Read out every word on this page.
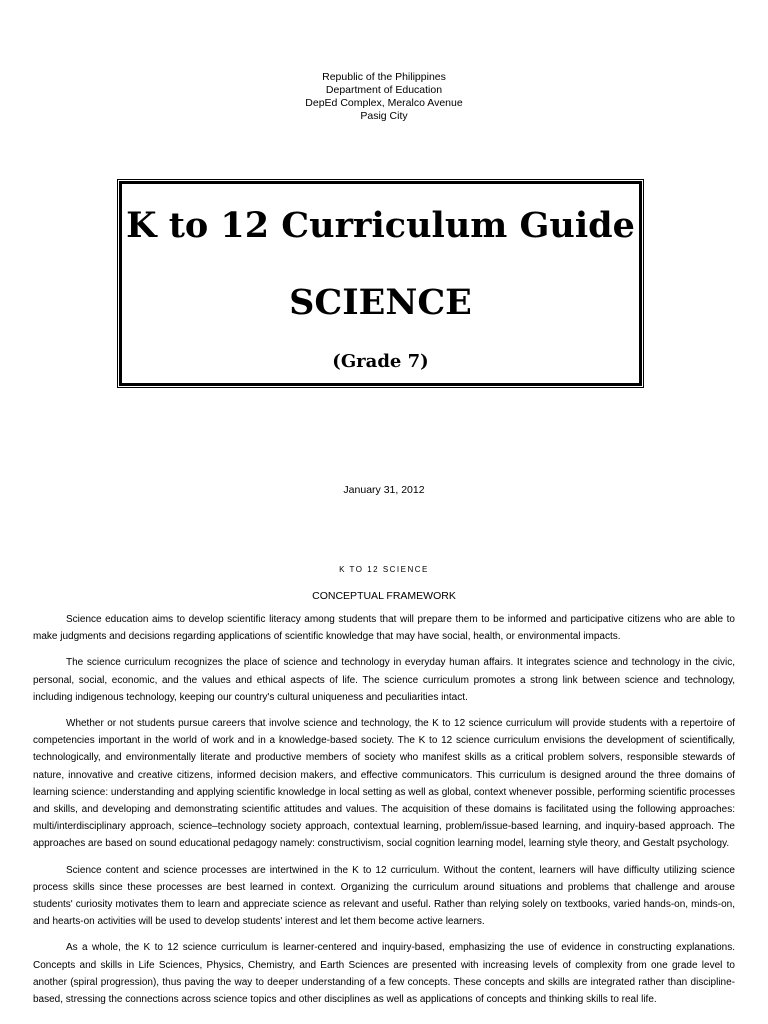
Republic of the Philippines
Department of Education
DepEd Complex, Meralco Avenue
Pasig City
K to 12 Curriculum Guide
SCIENCE
(Grade 7)
January 31, 2012
K TO 12 SCIENCE
CONCEPTUAL FRAMEWORK

Science education aims to develop scientific literacy among students that will prepare them to be informed and participative citizens who are able to make judgments and decisions regarding applications of scientific knowledge that may have social, health, or environmental impacts.

The science curriculum recognizes the place of science and technology in everyday human affairs. It integrates science and technology in the civic, personal, social, economic, and the values and ethical aspects of life. The science curriculum promotes a strong link between science and technology, including indigenous technology, keeping our country's cultural uniqueness and peculiarities intact.

Whether or not students pursue careers that involve science and technology, the K to 12 science curriculum will provide students with a repertoire of competencies important in the world of work and in a knowledge-based society. The K to 12 science curriculum envisions the development of scientifically, technologically, and environmentally literate and productive members of society who manifest skills as a critical problem solvers, responsible stewards of nature, innovative and creative citizens, informed decision makers, and effective communicators. This curriculum is designed around the three domains of learning science: understanding and applying scientific knowledge in local setting as well as global, context whenever possible, performing scientific processes and skills, and developing and demonstrating scientific attitudes and values. The acquisition of these domains is facilitated using the following approaches: multi/interdisciplinary approach, science–technology society approach, contextual learning, problem/issue-based learning, and inquiry-based approach. The approaches are based on sound educational pedagogy namely: constructivism, social cognition learning model, learning style theory, and Gestalt psychology.

Science content and science processes are intertwined in the K to 12 curriculum. Without the content, learners will have difficulty utilizing science process skills since these processes are best learned in context. Organizing the curriculum around situations and problems that challenge and arouse students' curiosity motivates them to learn and appreciate science as relevant and useful. Rather than relying solely on textbooks, varied hands-on, minds-on, and hearts-on activities will be used to develop students' interest and let them become active learners.

As a whole, the K to 12 science curriculum is learner-centered and inquiry-based, emphasizing the use of evidence in constructing explanations. Concepts and skills in Life Sciences, Physics, Chemistry, and Earth Sciences are presented with increasing levels of complexity from one grade level to another (spiral progression), thus paving the way to deeper understanding of a few concepts. These concepts and skills are integrated rather than discipline-based, stressing the connections across science topics and other disciplines as well as applications of concepts and thinking skills to real life.
